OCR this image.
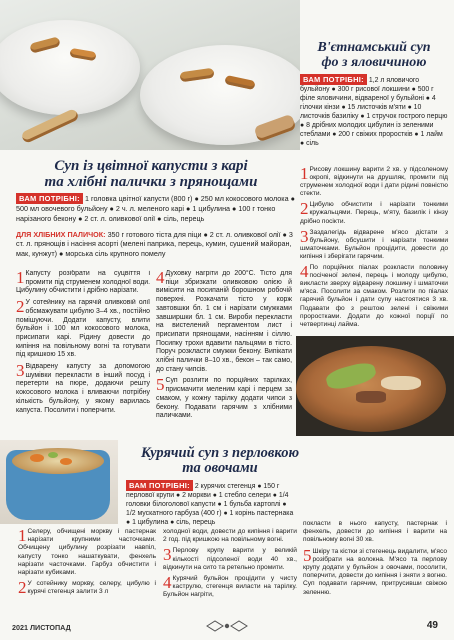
Суп із цвітної капусти з карі
та хлібні палички з прянощами
ВАМ ПОТРІБНІ: 1 головка цвітної капусти (800 г) ● 250 мл кокосового молока ● 500 мл овочевого бульйону ● 2 ч. л. меленого карі ● 1 цибулина ● 100 г тонко нарізаного бекону ● 2 ст. л. оливкової олії ● сіль, перець
ДЛЯ ХЛІБНИХ ПАЛИЧОК: 350 г готового тіста для піци ● 2 ст. л. оливкової олії ● 3 ст. л. прянощів і насіння асорті (мелені паприка, перець, кумин, сушений майоран, мак, кунжут) ● морська сіль крупного помелу

1 Капусту розібрати на суцвіття і промити під струменем холодної води. Цибулину обчистити і дрібно нарізати.

2 У сотейнику на гарячій оливковій олії обсмажувати цибулю 3–4 хв., постійно помішуючи. Додати капусту, влити бульйон і 100 мл кокосового молока, присипати карі. Рідину довести до кипіння на повільному вогні та готувати під кришкою 15 хв.

3 Відварену капусту за допомогою шумівки перекласти в інший посуд і перетерти на пюре, додаючи решту кокосового молока і вливаючи потрібну кількість бульйону, у якому варилась капуста. Посолити і поперчити.

4 Духовку нагріти до 200°С. Тісто для піци збризкати оливковою олією й вимісити на посипаній борошном робочій поверхні. Розкачати тісто у корж завтовшки бл. 1 см і нарізати смужками завширшки бл. 1 см. Вироби перекласти на вистелений пергаментом лист і присипати прянощами, насінням і сіллю. Посипку трохи вдавити пальцями в тісто. Поруч розкласти смужки бекону. Випікати хлібні палички 8–10 хв., бекон – так само, до стану чипсів.

5 Суп розлити по порційних тарілках, присмачити меленим карі і перцем за смаком, у кожну тарілку додати чипси з бекону. Подавати гарячим з хлібними паличками.

В'єтнамський суп
фо з яловичиною
ВАМ ПОТРІБНІ: 1,2 л яловичого бульйону ● 300 г рисової локшини ● 500 г філе яловичини, відвареної у бульйоні ● 4 гілочки кінзи ● 15 листочків м'яти ● 10 листочків базиліку ● 1 стручок гострого перцю ● 8 дрібних молодих цибулин із зеленими стеблами ● 200 г свіжих проростків ● 1 лайм ● сіль

1 Рисову локшину варити 2 хв. у підсоленому окропі, відкинути на друшляк, промити під струменем холодної води і дати рідині повністю стекти.

2 Цибулю обчистити і нарізати тонкими кружальцями. Перець, м'яту, базилік і кінзу дрібно посікти.

3 Заздалегідь відварене м'ясо дістати з бульйону, обсушити і нарізати тонкими шматочками. Бульйон процідити, довести до кипіння і зберігати гарячим.

4 По порційних піалах розкласти половину посіченої зелені, перець і молоду цибулю, викласти зверху відварену локшину і шматочки м'яса. Посолити за смаком. Розлити по піалах гарячий бульйон і дати супу настоятися 3 хв. Подавати фо з рештою зелені і свіжими проростками. Додати до кожної порції по четвертинці лайма.

Курячий суп з перловкою
та овочами
ВАМ ПОТРІБНІ: 2 курячих стегенця ● 150 г перлової крупи ● 2 моркви ● 1 стебло селери ● 1/4 головки білоголової капусти ● 1 бульба картоплі ● 1/2 мускатного гарбуза (400 г) ● 1 корінь пастернака ● 1 цибулина ● сіль, перець

1 Селеру, обчищені моркву і пастернак нарізати крупними часточками. Обчищену цибулину розрізати навпіл, капусту тонко нашаткувати, фенхель нарізати часточками. Гарбуз обчистити і нарізати кубиками.

2 У сотейнику моркву, селеру, цибулю і курячі стегенця залити 3 л

холодної води, довести до кипіння і варити 2 год. під кришкою на повільному вогні.

3 Перлову крупу варити у великій кількості підсоленої води 40 хв., відкинути на сито та ретельно промити.

4 Курячий бульйон процідити у чисту каструлю, стегенця виласти на тарілку. Бульйон нагріти,

покласти в нього капусту, пастернак і фенхель, довести до кипіння і варити на повільному вогні 30 хв.

5 Шкіру та кістки зі стегенець видалити, м'ясо розібрати на волокна. М'ясо та перлову крупу додати у бульйон з овочами, посолити, поперчити, довести до кипіння і зняти з вогню. Суп подавати гарячим, притрусивши свіжою зеленню.

2021 ЛИСТОПАД	49
